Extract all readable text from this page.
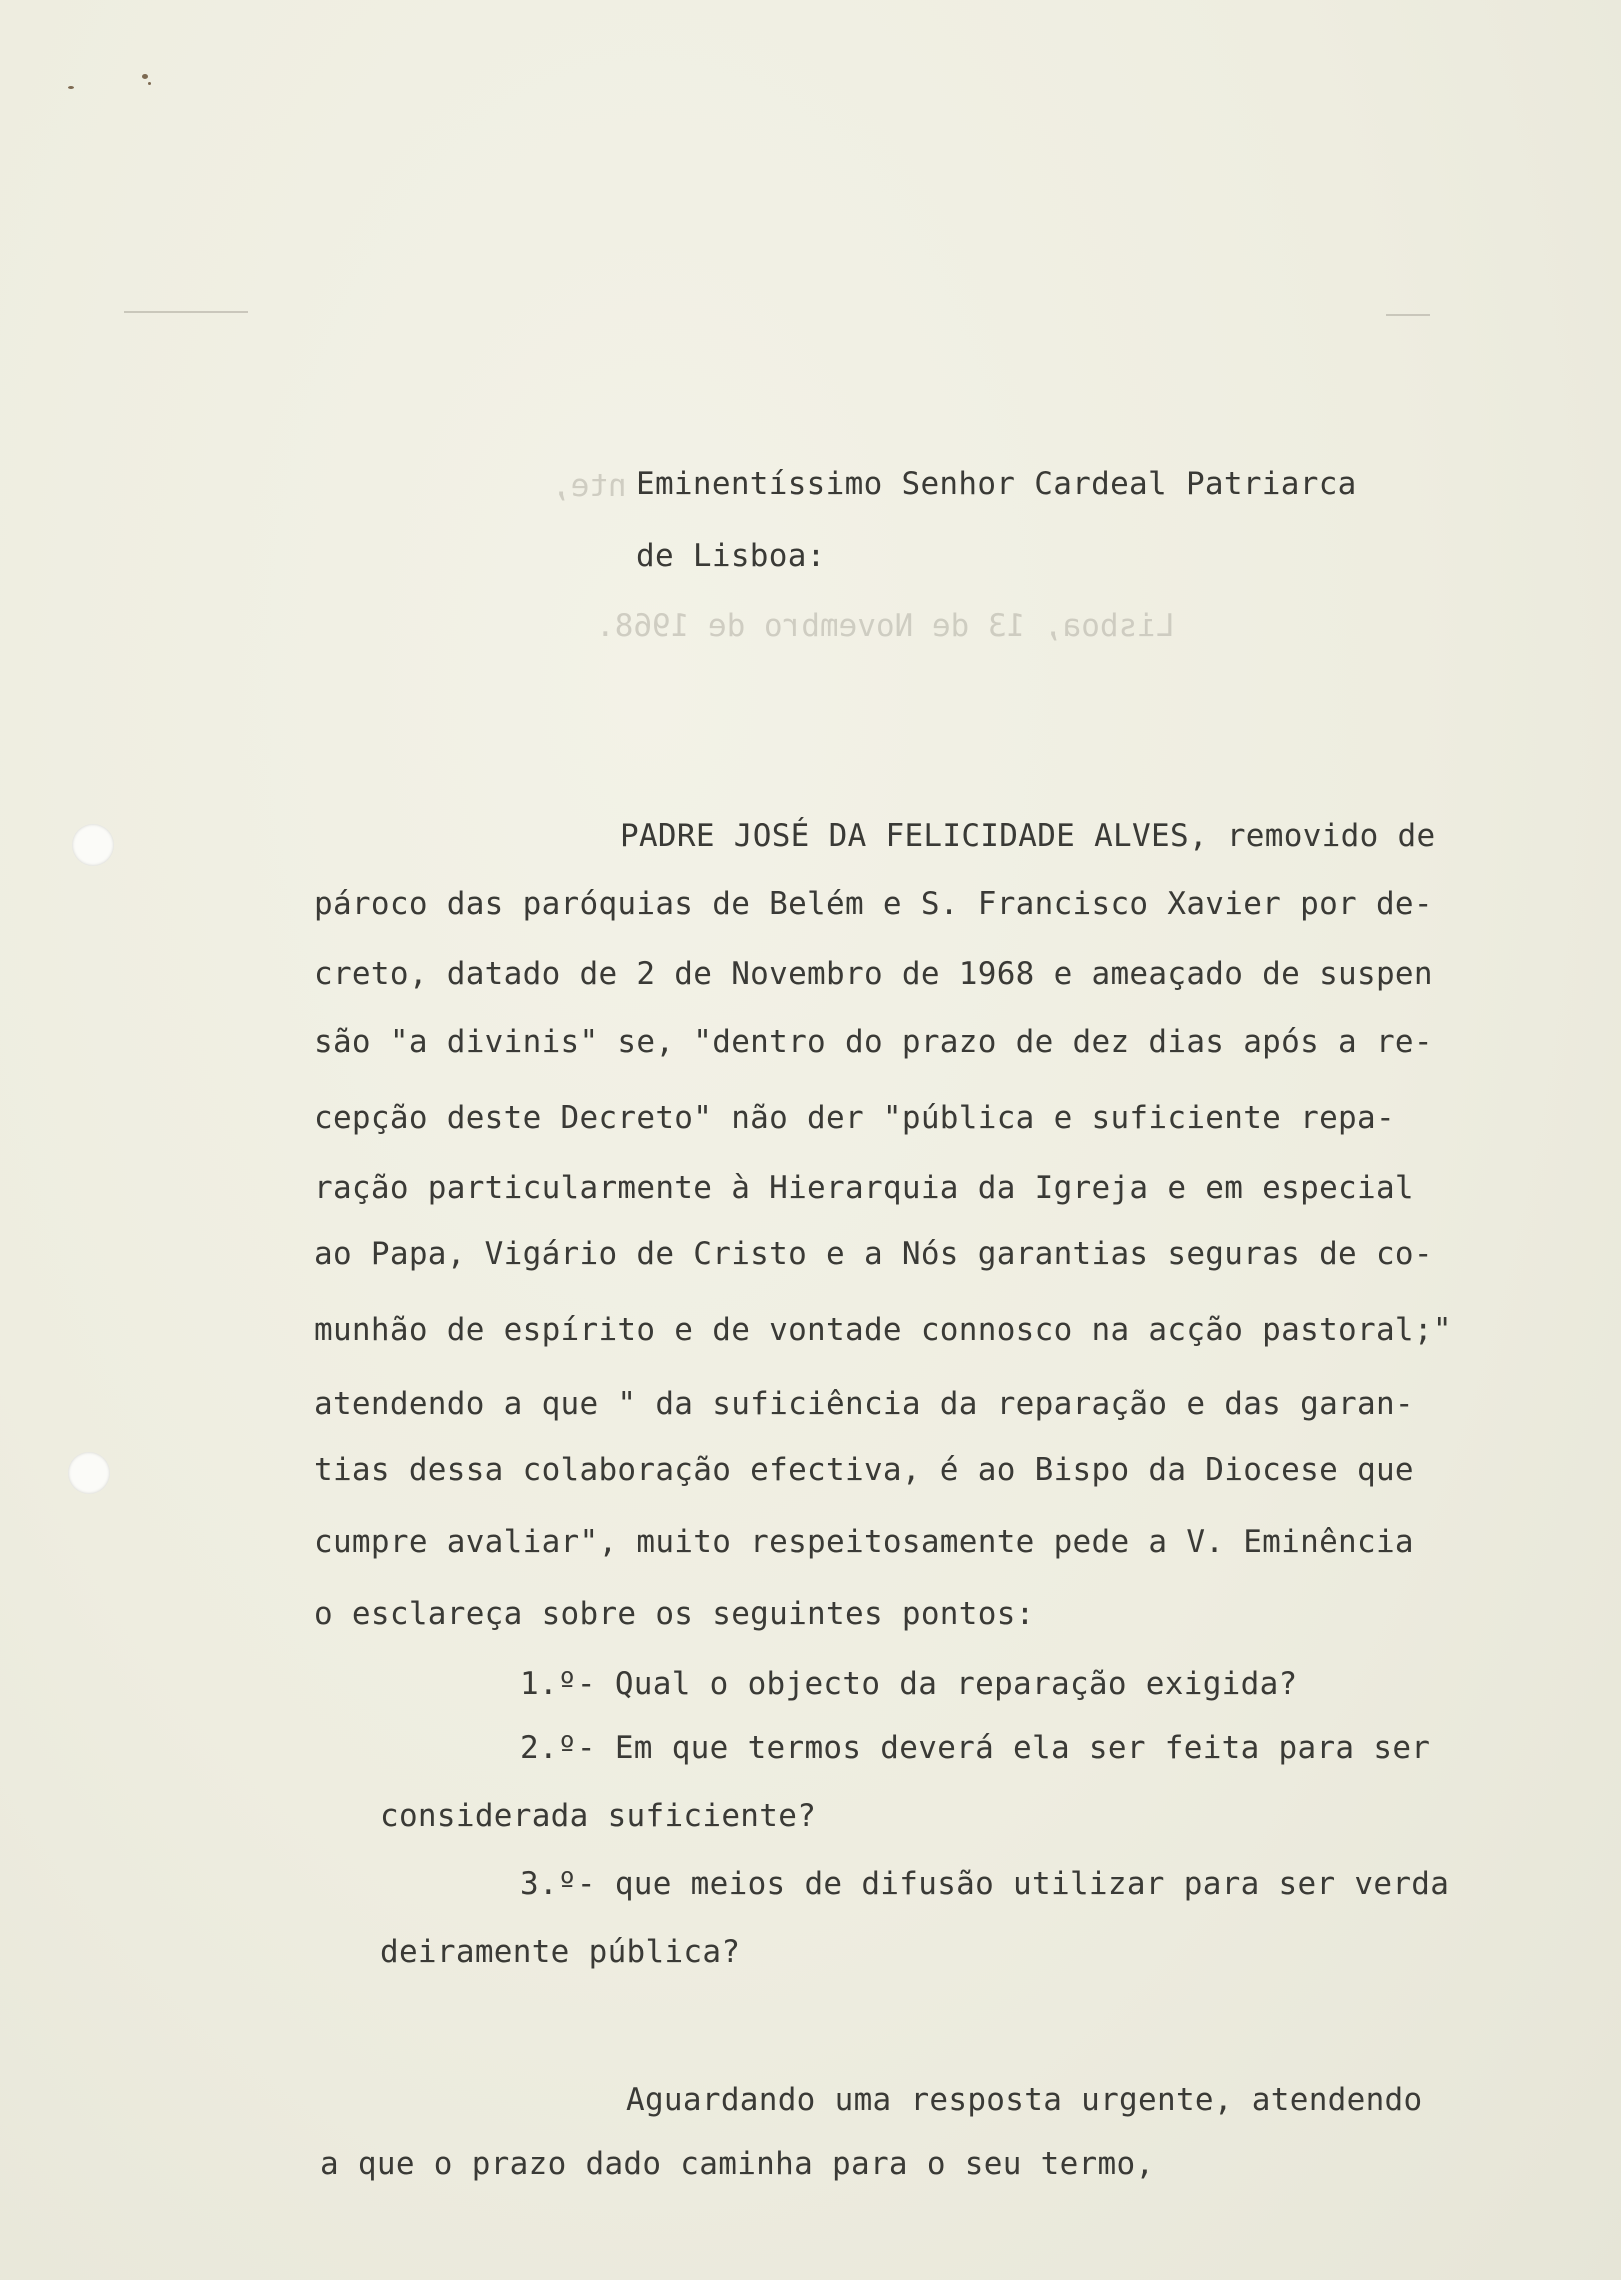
nte,
Lisboa, 13 de Novembro de 1968.
Eminentíssimo Senhor Cardeal Patriarca
de Lisboa:
PADRE JOSÉ DA FELICIDADE ALVES, removido de
pároco das paróquias de Belém e S. Francisco Xavier por de-
creto, datado de 2 de Novembro de 1968 e ameaçado de suspen
são "a divinis" se, "dentro do prazo de dez dias após a re-
cepção deste Decreto" não der "pública e suficiente repa-
ração particularmente à Hierarquia da Igreja e em especial
ao Papa, Vigário de Cristo e a Nós garantias seguras de co-
munhão de espírito e de vontade connosco na acção pastoral;"
atendendo a que " da suficiência da reparação e das garan-
tias dessa colaboração efectiva, é ao Bispo da Diocese que
cumpre avaliar", muito respeitosamente pede a V. Eminência
o esclareça sobre os seguintes pontos:
1.º- Qual o objecto da reparação exigida?
2.º- Em que termos deverá ela ser feita para ser
considerada suficiente?
3.º- que meios de difusão utilizar para ser verda
deiramente pública?
Aguardando uma resposta urgente, atendendo
a que o prazo dado caminha para o seu termo,
